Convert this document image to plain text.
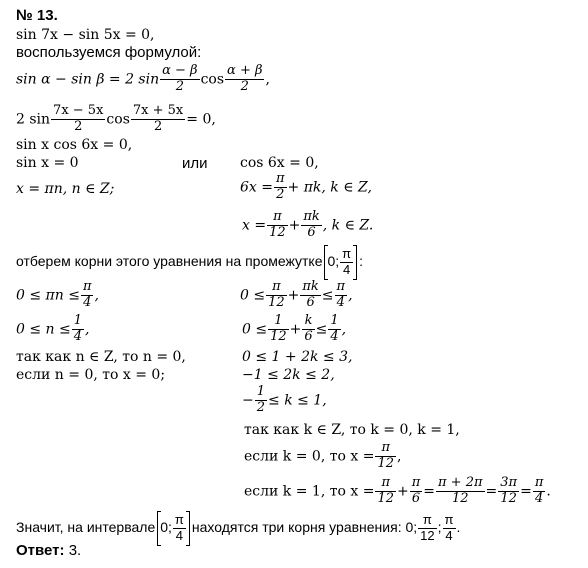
№ 13.
sin 7x − sin 5x = 0,
воспользуемся формулой:
sin α − sin β = 2 $\sin \frac{\alpha - \beta}{2}$ $\cos \frac{\alpha + \beta}{2}$ ,
2 $\sin \frac{7x - 5x}{2}$ $\cos \frac{7x + 5x}{2} = 0$,
sin x cos 6x = 0,
sin x = 0	или cos 6x = 0,
x = πn, n ∈ Z;	$6x = \frac{\pi}{2} + \pi k$, k ∈ Z,
$x = \frac{\pi}{12} + \frac{\pi k}{6}$ , k ∈ Z.
отберем корни этого уравнения на промежутке 0; $\frac{\pi}{4}$ :
$0 \le \pi n \le \frac{\pi}{4}$ ,
$0 \le n \le \frac{1}{4}$ ,
так как n ∈ Z, то n = 0,
если n = 0, то x = 0;
$0 \le \frac{\pi}{12} + \frac{\pi k}{6} \le \frac{\pi}{4}$ ,
$0 \le \frac{1}{12} + \frac{k}{6} \le \frac{1}{4}$ ,
0 ≤ 1 + 2k ≤ 3,
−1 ≤ 2k ≤ 2,
− $\frac{1}{2} \le k \le 1$,
так как k ∈ Z, то k = 0, k = 1,
если k = 0, то $x = \frac{\pi}{12}$ ,
если k = 1, то $x = \frac{\pi}{12} + \frac{\pi}{6} = \frac{\pi + 2\pi}{12} = \frac{3\pi}{12} = \frac{\pi}{4}$ .
Значит, на интервале 0; $\frac{\pi}{4}$ находятся три корня уравнения: 0; $\frac{\pi}{12}$ ; $\frac{\pi}{4}$ .
Ответ: 3.
